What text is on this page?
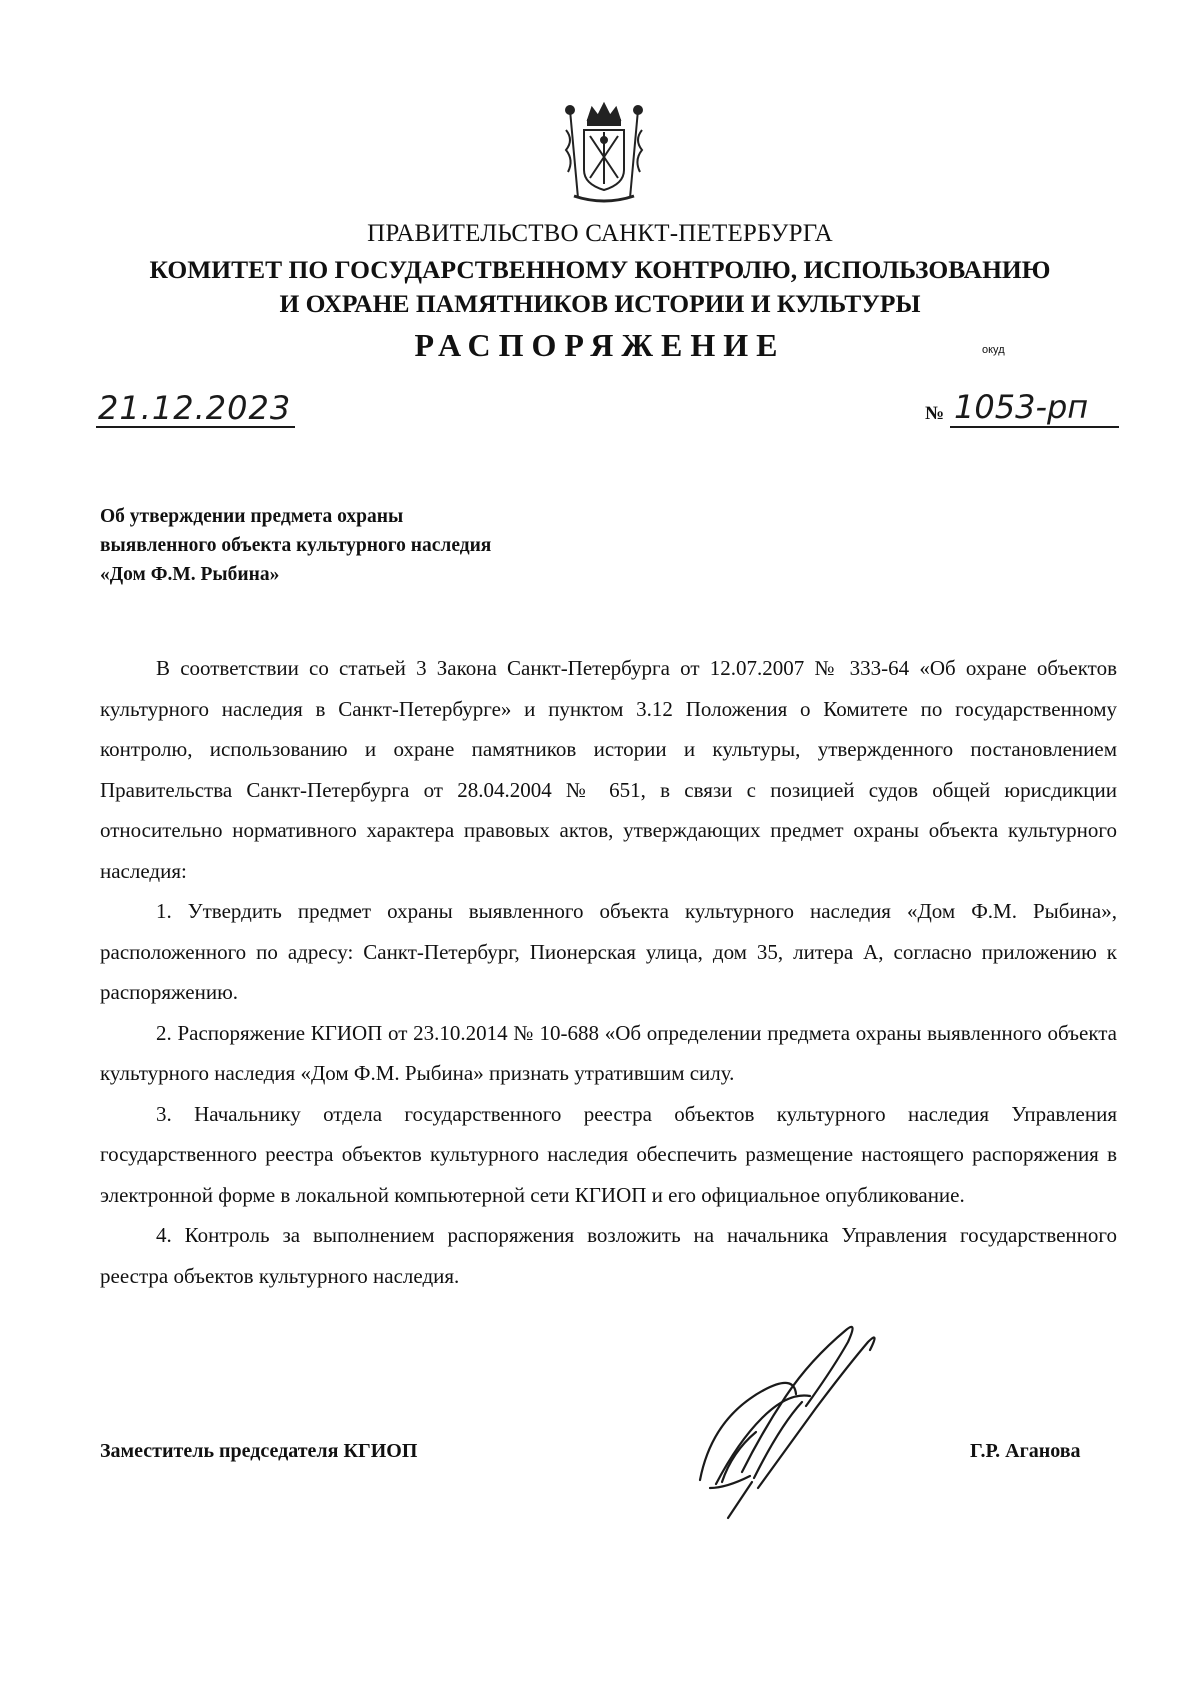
ПРАВИТЕЛЬСТВО САНКТ-ПЕТЕРБУРГА
КОМИТЕТ ПО ГОСУДАРСТВЕННОМУ КОНТРОЛЮ, ИСПОЛЬЗОВАНИЮ
И ОХРАНЕ ПАМЯТНИКОВ ИСТОРИИ И КУЛЬТУРЫ
РАСПОРЯЖЕНИЕ	окуд
21.12.2023	№ 1053-рп
Об утверждении предмета охраны
выявленного объекта культурного наследия
«Дом Ф.М. Рыбина»

В соответствии со статьей 3 Закона Санкт-Петербурга от 12.07.2007 № 333-64 «Об охране объектов культурного наследия в Санкт-Петербурге» и пунктом 3.12 Положения о Комитете по государственному контролю, использованию и охране памятников истории и культуры, утвержденного постановлением Правительства Санкт-Петербурга от 28.04.2004 № 651, в связи с позицией судов общей юрисдикции относительно нормативного характера правовых актов, утверждающих предмет охраны объекта культурного наследия:

1. Утвердить предмет охраны выявленного объекта культурного наследия «Дом Ф.М. Рыбина», расположенного по адресу: Санкт-Петербург, Пионерская улица, дом 35, литера А, согласно приложению к распоряжению.

2. Распоряжение КГИОП от 23.10.2014 № 10-688 «Об определении предмета охраны выявленного объекта культурного наследия «Дом Ф.М. Рыбина» признать утратившим силу.

3. Начальнику отдела государственного реестра объектов культурного наследия Управления государственного реестра объектов культурного наследия обеспечить размещение настоящего распоряжения в электронной форме в локальной компьютерной сети КГИОП и его официальное опубликование.

4. Контроль за выполнением распоряжения возложить на начальника Управления государственного реестра объектов культурного наследия.

Заместитель председателя КГИОП	Г.Р. Аганова
